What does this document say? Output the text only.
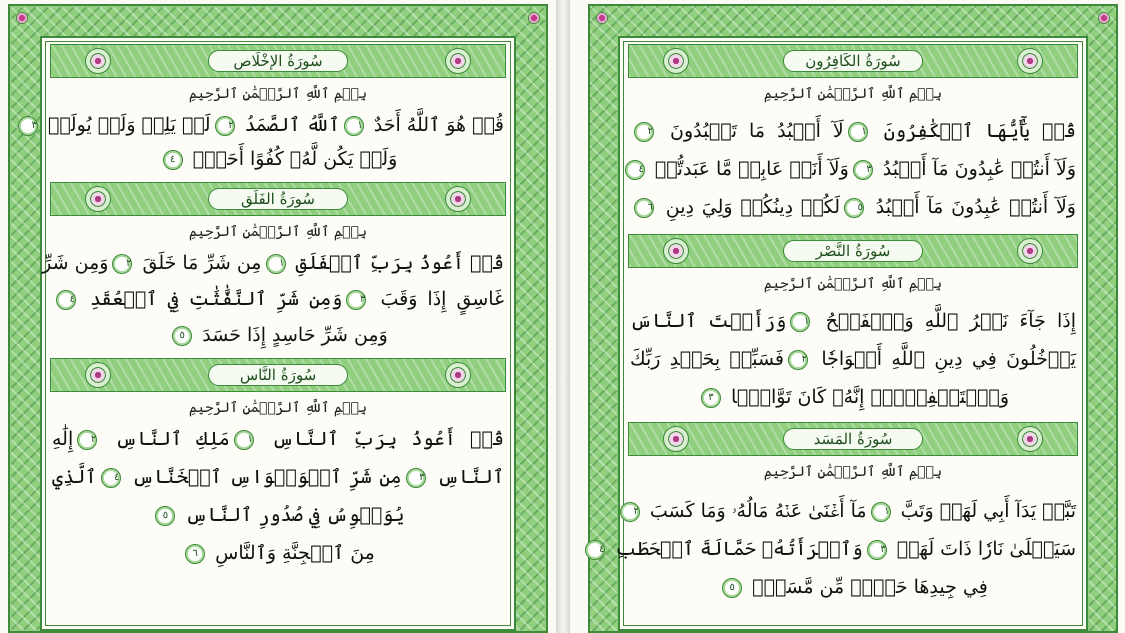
سُورَةُ الإخْلَاص
بِسۡمِ ٱللَّهِ ٱلرَّحۡمَٰنِ ٱلرَّحِيمِ
قُلۡ هُوَ ٱللَّهُ أَحَدٌ ١ٱللَّهُ ٱلصَّمَدُ ٢لَمۡ يَلِدۡ وَلَمۡ يُولَدۡ ٣
وَلَمۡ يَكُن لَّهُۥ كُفُوًا أَحَدُۢ ٤
سُورَةُ الفَلَق
بِسۡمِ ٱللَّهِ ٱلرَّحۡمَٰنِ ٱلرَّحِيمِ
قُلۡ أَعُوذُ بِرَبِّ ٱلۡفَلَقِ ١مِن شَرِّ مَا خَلَقَ ٢وَمِن شَرِّ
غَاسِقٍ إِذَا وَقَبَ ٣وَمِن شَرِّ ٱلنَّفَّٰثَٰتِ فِي ٱلۡعُقَدِ ٤
وَمِن شَرِّ حَاسِدٍ إِذَا حَسَدَ ٥
سُورَةُ النَّاس
بِسۡمِ ٱللَّهِ ٱلرَّحۡمَٰنِ ٱلرَّحِيمِ
قُلۡ أَعُوذُ بِرَبِّ ٱلنَّاسِ ١مَلِكِ ٱلنَّاسِ ٢إِلَٰهِ
ٱلنَّاسِ ٣مِن شَرِّ ٱلۡوَسۡوَاسِ ٱلۡخَنَّاسِ ٤ٱلَّذِي
يُوَسۡوِسُ فِي صُدُورِ ٱلنَّاسِ ٥
مِنَ ٱلۡجِنَّةِ وَٱلنَّاسِ ٦
سُورَةُ الكَافِرُون
بِسۡمِ ٱللَّهِ ٱلرَّحۡمَٰنِ ٱلرَّحِيمِ
قُلۡ يَٰٓأَيُّهَا ٱلۡكَٰفِرُونَ ١لَآ أَعۡبُدُ مَا تَعۡبُدُونَ ٢
وَلَآ أَنتُمۡ عَٰبِدُونَ مَآ أَعۡبُدُ ٣وَلَآ أَنَا۠ عَابِدٞ مَّا عَبَدتُّمۡ ٤
وَلَآ أَنتُمۡ عَٰبِدُونَ مَآ أَعۡبُدُ ٥لَكُمۡ دِينُكُمۡ وَلِيَ دِينِ ٦
سُورَةُ النَّصْر
بِسۡمِ ٱللَّهِ ٱلرَّحۡمَٰنِ ٱلرَّحِيمِ
إِذَا جَآءَ نَصۡرُ ٱللَّهِ وَٱلۡفَتۡحُ ١وَرَأَيۡتَ ٱلنَّاسَ
يَدۡخُلُونَ فِي دِينِ ٱللَّهِ أَفۡوَاجٗا ٢فَسَبِّحۡ بِحَمۡدِ رَبِّكَ
وَٱسۡتَغۡفِرۡهُۚ إِنَّهُۥ كَانَ تَوَّابَۢا ٣
سُورَةُ المَسَد
بِسۡمِ ٱللَّهِ ٱلرَّحۡمَٰنِ ٱلرَّحِيمِ
تَبَّتۡ يَدَآ أَبِي لَهَبٖ وَتَبَّ ١مَآ أَغۡنَىٰ عَنۡهُ مَالُهُۥ وَمَا كَسَبَ ٢
سَيَصۡلَىٰ نَارٗا ذَاتَ لَهَبٖ ٣وَٱمۡرَأَتُهُۥ حَمَّالَةَ ٱلۡحَطَبِ ٤
فِي جِيدِهَا حَبۡلٞ مِّن مَّسَدِۭ ٥
